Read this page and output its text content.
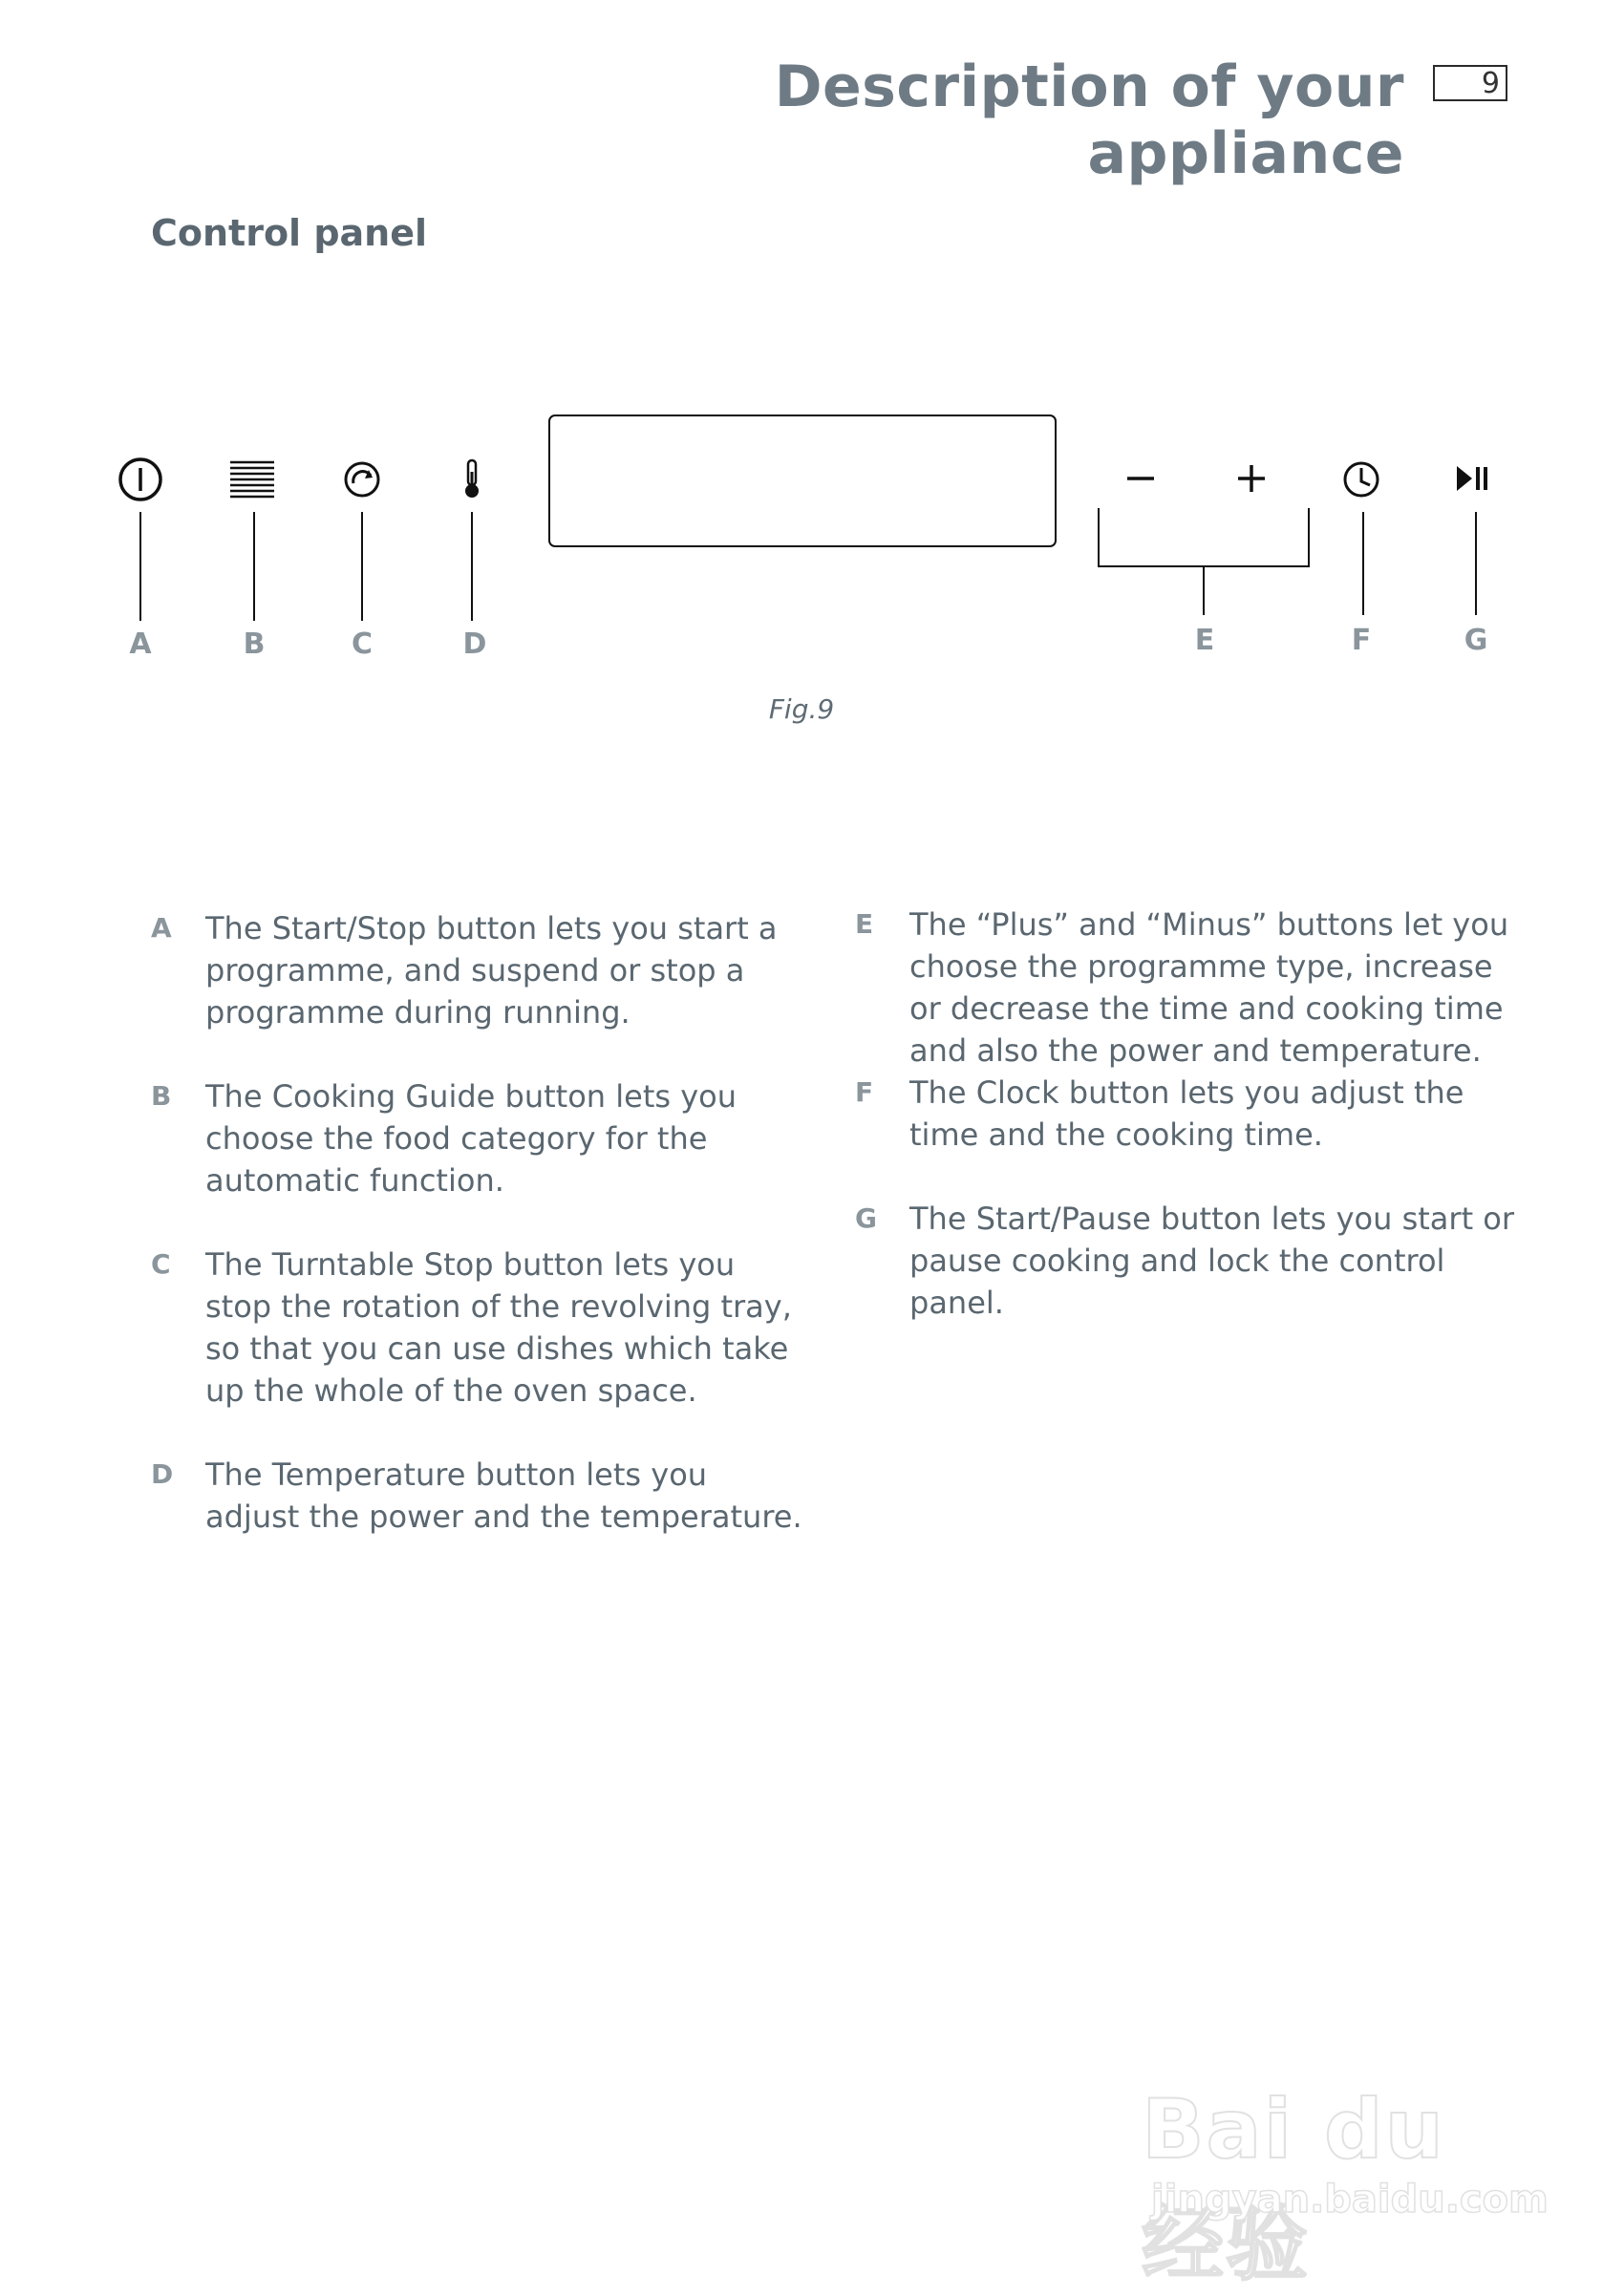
Description of your appliance
9
Control panel
A	B	C	D	E	F	G
Fig.9
A	The Start/Stop button lets you start a programme, and suspend or stop a programme during running.

B	The Cooking Guide button lets you choose the food category for the automatic function.

C	The Turntable Stop button lets you stop the rotation of the revolving tray, so that you can use dishes which take up the whole of the oven space.

D	The Temperature button lets you adjust the power and the temperature.

E	The “Plus” and “Minus” buttons let you choose the programme type, increase or decrease the time and cooking time and also the power and temperature.

F	The Clock button lets you adjust the time and the cooking time.

G	The Start/Pause button lets you start or pause cooking and lock the control panel.

Bai du 经验
jingyan.baidu.com
